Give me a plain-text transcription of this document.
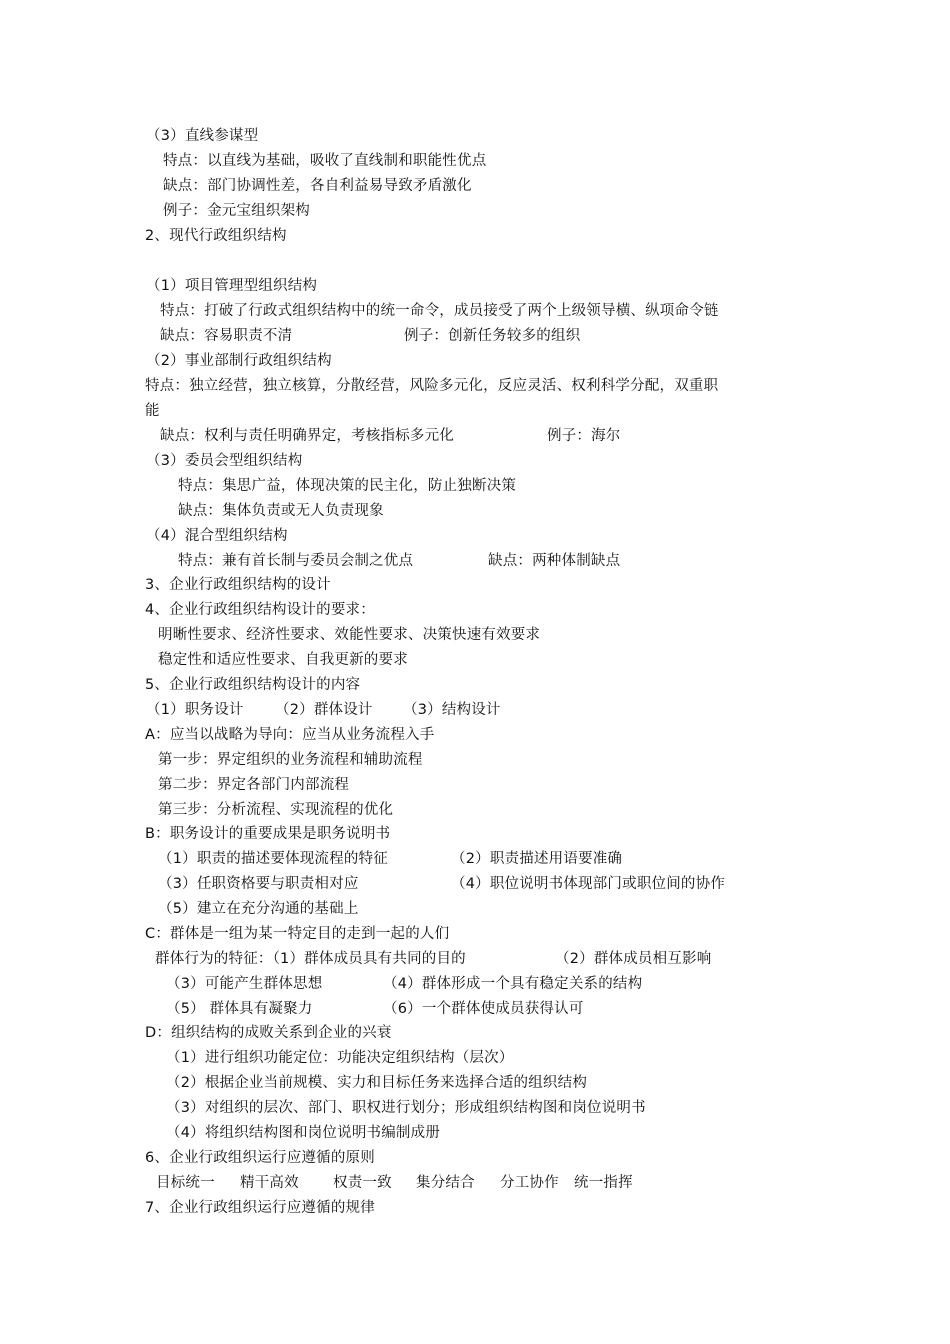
（3）直线参谋型
特点：以直线为基础，吸收了直线制和职能性优点
缺点：部门协调性差，各自利益易导致矛盾激化
例子：金元宝组织架构
2、现代行政组织结构
（1）项目管理型组织结构
特点：打破了行政式组织结构中的统一命令，成员接受了两个上级领导横、纵项命令链
缺点：容易职责不清	例子：创新任务较多的组织
（2）事业部制行政组织结构
特点：独立经营，独立核算，分散经营，风险多元化，反应灵活、权利科学分配，双重职
能
缺点：权利与责任明确界定，考核指标多元化	例子：海尔
（3）委员会型组织结构
特点：集思广益，体现决策的民主化，防止独断决策
缺点：集体负责或无人负责现象
（4）混合型组织结构
特点：兼有首长制与委员会制之优点	缺点：两种体制缺点
3、企业行政组织结构的设计
4、企业行政组织结构设计的要求：
明晰性要求、经济性要求、效能性要求、决策快速有效要求
稳定性和适应性要求、自我更新的要求
5、企业行政组织结构设计的内容
（1）职务设计 （2）群体设计 （3）结构设计
A：应当以战略为导向：应当从业务流程入手
第一步：界定组织的业务流程和辅助流程
第二步：界定各部门内部流程
第三步：分析流程、实现流程的优化
B：职务设计的重要成果是职务说明书
（1）职责的描述要体现流程的特征	（2）职责描述用语要准确
（3）任职资格要与职责相对应	（4）职位说明书体现部门或职位间的协作
（5）建立在充分沟通的基础上
C：群体是一组为某一特定目的走到一起的人们
群体行为的特征：（1）群体成员具有共同的目的	（2）群体成员相互影响
（3）可能产生群体思想	（4）群体形成一个具有稳定关系的结构
（5） 群体具有凝聚力	（6）一个群体使成员获得认可
D：组织结构的成败关系到企业的兴衰
（1）进行组织功能定位：功能决定组织结构（层次）
（2）根据企业当前规模、实力和目标任务来选择合适的组织结构
（3）对组织的层次、部门、职权进行划分；形成组织结构图和岗位说明书
（4）将组织结构图和岗位说明书编制成册
6、企业行政组织运行应遵循的原则
目标统一 精干高效 权责一致 集分结合 分工协作 统一指挥
7、企业行政组织运行应遵循的规律
